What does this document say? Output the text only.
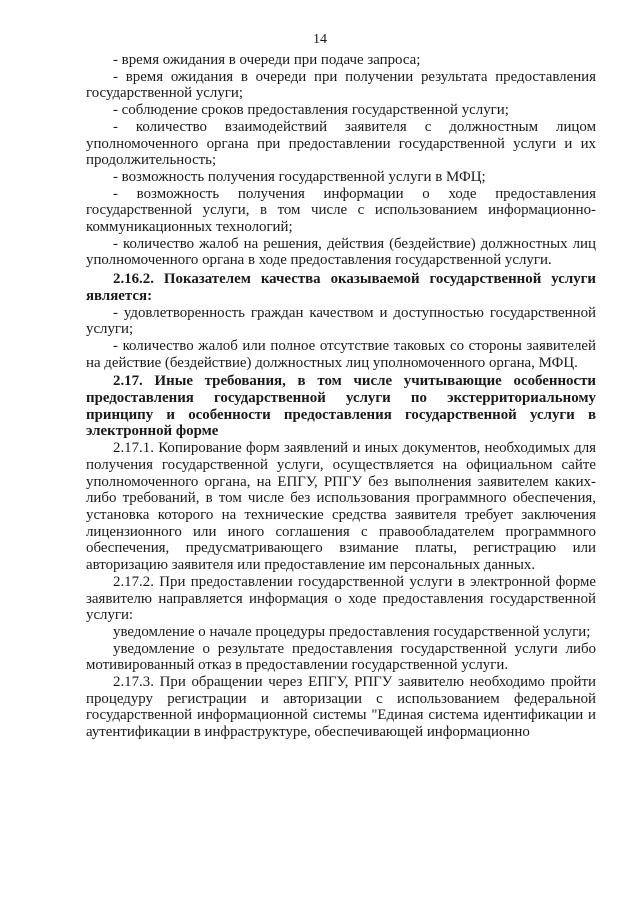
14

- время ожидания в очереди при подаче запроса;

- время ожидания в очереди при получении результата предоставления государственной услуги;

- соблюдение сроков предоставления государственной услуги;

- количество взаимодействий заявителя с должностным лицом уполномоченного органа при предоставлении государственной услуги и их продолжительность;

- возможность получения государственной услуги в МФЦ;

- возможность получения информации о ходе предоставления государственной услуги, в том числе с использованием информационно-коммуникационных технологий;

- количество жалоб на решения, действия (бездействие) должностных лиц уполномоченного органа в ходе предоставления государственной услуги.

2.16.2. Показателем качества оказываемой государственной услуги является:

- удовлетворенность граждан качеством и доступностью государственной услуги;

- количество жалоб или полное отсутствие таковых со стороны заявителей на действие (бездействие) должностных лиц уполномоченного органа, МФЦ.

2.17. Иные требования, в том числе учитывающие особенности предоставления государственной услуги по экстерриториальному принципу и особенности предоставления государственной услуги в электронной форме

2.17.1. Копирование форм заявлений и иных документов, необходимых для получения государственной услуги, осуществляется на официальном сайте уполномоченного органа, на ЕПГУ, РПГУ без выполнения заявителем каких-либо требований, в том числе без использования программного обеспечения, установка которого на технические средства заявителя требует заключения лицензионного или иного соглашения с правообладателем программного обеспечения, предусматривающего взимание платы, регистрацию или авторизацию заявителя или предоставление им персональных данных.

2.17.2. При предоставлении государственной услуги в электронной форме заявителю направляется информация о ходе предоставления государственной услуги:

уведомление о начале процедуры предоставления государственной услуги;

уведомление о результате предоставления государственной услуги либо мотивированный отказ в предоставлении государственной услуги.

2.17.3. При обращении через ЕПГУ, РПГУ заявителю необходимо пройти процедуру регистрации и авторизации с использованием федеральной государственной информационной системы "Единая система идентификации и аутентификации в инфраструктуре, обеспечивающей информационно
